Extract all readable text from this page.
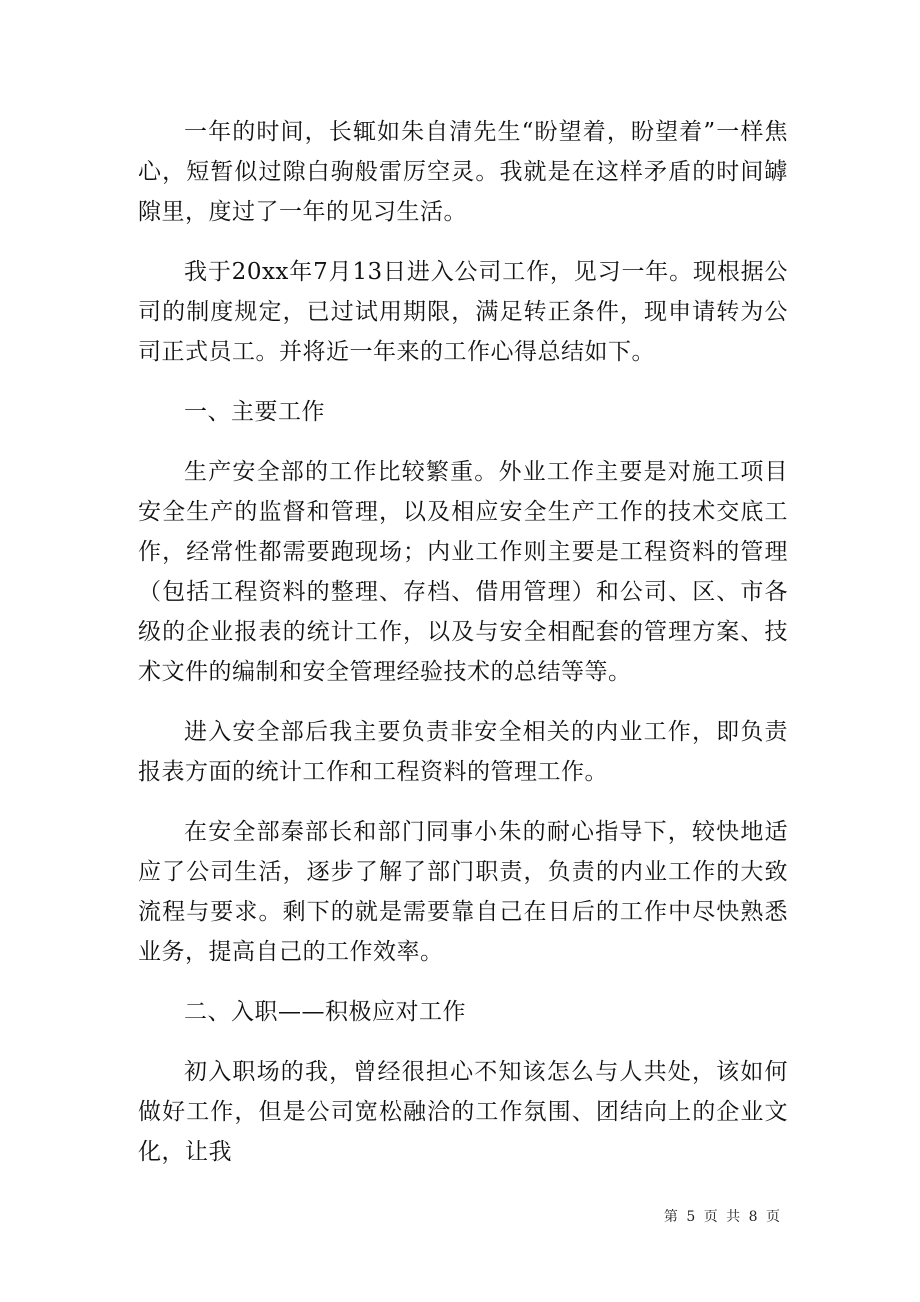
一年的时间，长辄如朱自清先生“盼望着，盼望着”一样焦心，短暂似过隙白驹般雷厉空灵。我就是在这样矛盾的时间罅隙里，度过了一年的见习生活。

我于20xx年7月13日进入公司工作，见习一年。现根据公司的制度规定，已过试用期限，满足转正条件，现申请转为公司正式员工。并将近一年来的工作心得总结如下。

一、主要工作

生产安全部的工作比较繁重。外业工作主要是对施工项目安全生产的监督和管理，以及相应安全生产工作的技术交底工作，经常性都需要跑现场；内业工作则主要是工程资料的管理（包括工程资料的整理、存档、借用管理）和公司、区、市各级的企业报表的统计工作，以及与安全相配套的管理方案、技术文件的编制和安全管理经验技术的总结等等。

进入安全部后我主要负责非安全相关的内业工作，即负责报表方面的统计工作和工程资料的管理工作。

在安全部秦部长和部门同事小朱的耐心指导下，较快地适应了公司生活，逐步了解了部门职责，负责的内业工作的大致流程与要求。剩下的就是需要靠自己在日后的工作中尽快熟悉业务，提高自己的工作效率。

二、入职——积极应对工作

初入职场的我，曾经很担心不知该怎么与人共处，该如何做好工作，但是公司宽松融洽的工作氛围、团结向上的企业文化，让我

第 5 页 共 8 页
